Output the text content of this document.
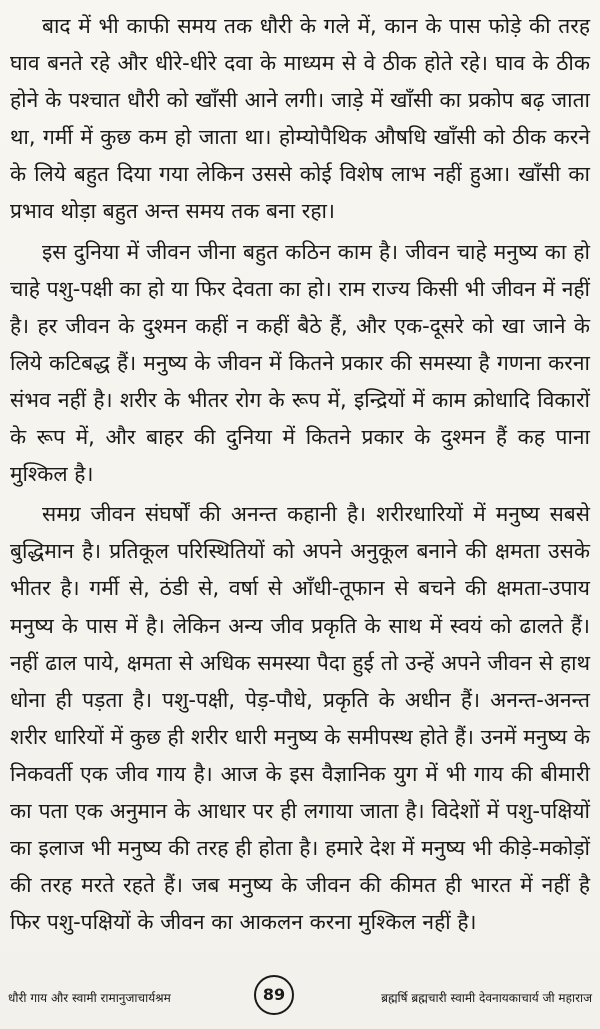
बाद में भी काफी समय तक धौरी के गले में, कान के पास फोड़े की तरह घाव बनते रहे और धीरे-धीरे दवा के माध्यम से वे ठीक होते रहे। घाव के ठीक होने के पश्चात धौरी को खाँसी आने लगी। जाड़े में खाँसी का प्रकोप बढ़ जाता था, गर्मी में कुछ कम हो जाता था। होम्योपैथिक औषधि खाँसी को ठीक करने के लिये बहुत दिया गया लेकिन उससे कोई विशेष लाभ नहीं हुआ। खाँसी का प्रभाव थोड़ा बहुत अन्त समय तक बना रहा।

इस दुनिया में जीवन जीना बहुत कठिन काम है। जीवन चाहे मनुष्य का हो चाहे पशु-पक्षी का हो या फिर देवता का हो। राम राज्य किसी भी जीवन में नहीं है। हर जीवन के दुश्मन कहीं न कहीं बैठे हैं, और एक-दूसरे को खा जाने के लिये कटिबद्ध हैं। मनुष्य के जीवन में कितने प्रकार की समस्या है गणना करना संभव नहीं है। शरीर के भीतर रोग के रूप में, इन्द्रियों में काम क्रोधादि विकारों के रूप में, और बाहर की दुनिया में कितने प्रकार के दुश्मन हैं कह पाना मुश्किल है।

समग्र जीवन संघर्षों की अनन्त कहानी है। शरीरधारियों में मनुष्य सबसे बुद्धिमान है। प्रतिकूल परिस्थितियों को अपने अनुकूल बनाने की क्षमता उसके भीतर है। गर्मी से, ठंडी से, वर्षा से आँधी-तूफान से बचने की क्षमता-उपाय मनुष्य के पास में है। लेकिन अन्य जीव प्रकृति के साथ में स्वयं को ढालते हैं। नहीं ढाल पाये, क्षमता से अधिक समस्या पैदा हुई तो उन्हें अपने जीवन से हाथ धोना ही पड़ता है। पशु-पक्षी, पेड़-पौधे, प्रकृति के अधीन हैं। अनन्त-अनन्त शरीर धारियों में कुछ ही शरीर धारी मनुष्य के समीपस्थ होते हैं। उनमें मनुष्य के निकवर्ती एक जीव गाय है। आज के इस वैज्ञानिक युग में भी गाय की बीमारी का पता एक अनुमान के आधार पर ही लगाया जाता है। विदेशों में पशु-पक्षियों का इलाज भी मनुष्य की तरह ही होता है। हमारे देश में मनुष्य भी कीड़े-मकोड़ों की तरह मरते रहते हैं। जब मनुष्य के जीवन की कीमत ही भारत में नहीं है फिर पशु-पक्षियों के जीवन का आकलन करना मुश्किल नहीं है।

धौरी गाय और स्वामी रामानुजाचार्यश्रम	89	ब्रह्मर्षि ब्रह्मचारी स्वामी देवनायकाचार्य जी महाराज
